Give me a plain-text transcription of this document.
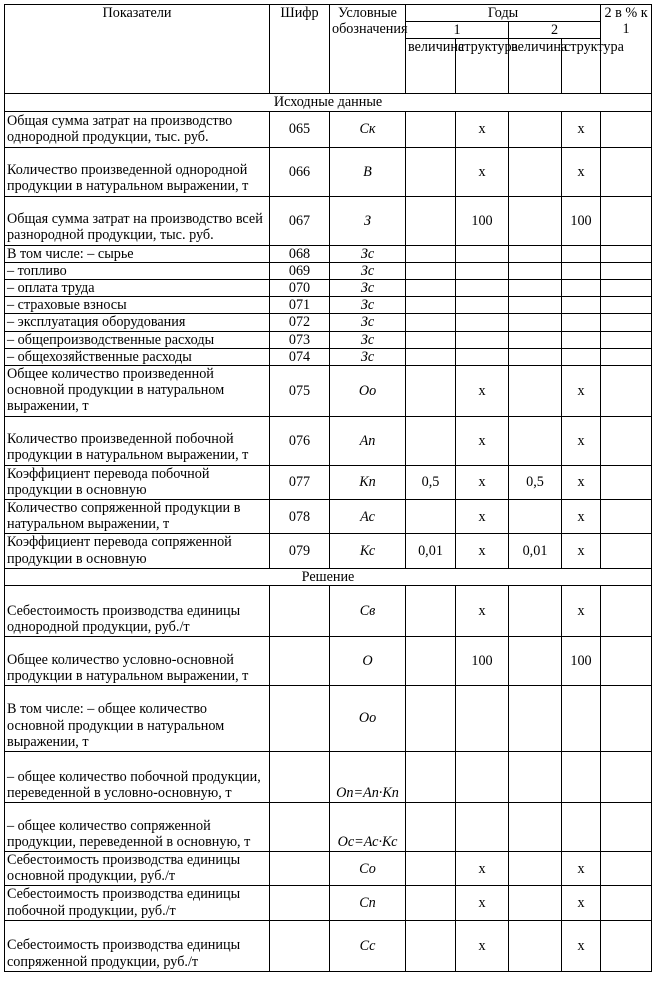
Показатели	Шифр	Условные обозначения	Годы				2 в % к 1
			1		2		
			величина	структура	величина	структура	
Исходные данные							
Общая сумма затрат на производство однородной продукции, тыс. руб.	065	Ск		х		х	
Количество произведенной однородной продукции в натуральном выражении, т	066	В		х		х	
Общая сумма затрат на производство всей разнородной продукции, тыс. руб.	067	З		100		100	
В том числе: – сырье	068	Зс					
– топливо	069	Зс					
– оплата труда	070	Зс					
– страховые взносы	071	Зс					
– эксплуатация оборудования	072	Зс					
– общепроизводственные расходы	073	Зс					
– общехозяйственные расходы	074	Зс					
Общее количество произведенной основной продукции в натуральном выражении, т	075	Оо		х		х	
Количество произведенной побочной продукции в натуральном выражении, т	076	Ап		х		х	
Коэффициент перевода побочной продукции в основную	077	Кп	0,5	х	0,5	х	
Количество сопряженной продукции в натуральном выражении, т	078	Ас		х		х	
Коэффициент перевода сопряженной продукции в основную	079	Кс	0,01	х	0,01	х	
Решение							
Себестоимость производства единицы однородной продукции, руб./т		Св		х		х	
Общее количество условно-основной продукции в натуральном выражении, т		О		100		100	
В том числе: – общее количество основной продукции в натуральном выражении, т		Оо					
– общее количество побочной продукции, переведенной в условно-основную, т		Оп=Ап·Кп					
– общее количество сопряженной продукции, переведенной в основную, т		Ос=Ас·Кс					
Себестоимость производства единицы основной продукции, руб./т		Со		х		х	
Себестоимость производства единицы побочной продукции, руб./т		Сп		х		х	
Себестоимость производства единицы сопряженной продукции, руб./т		Сс		х		х	
